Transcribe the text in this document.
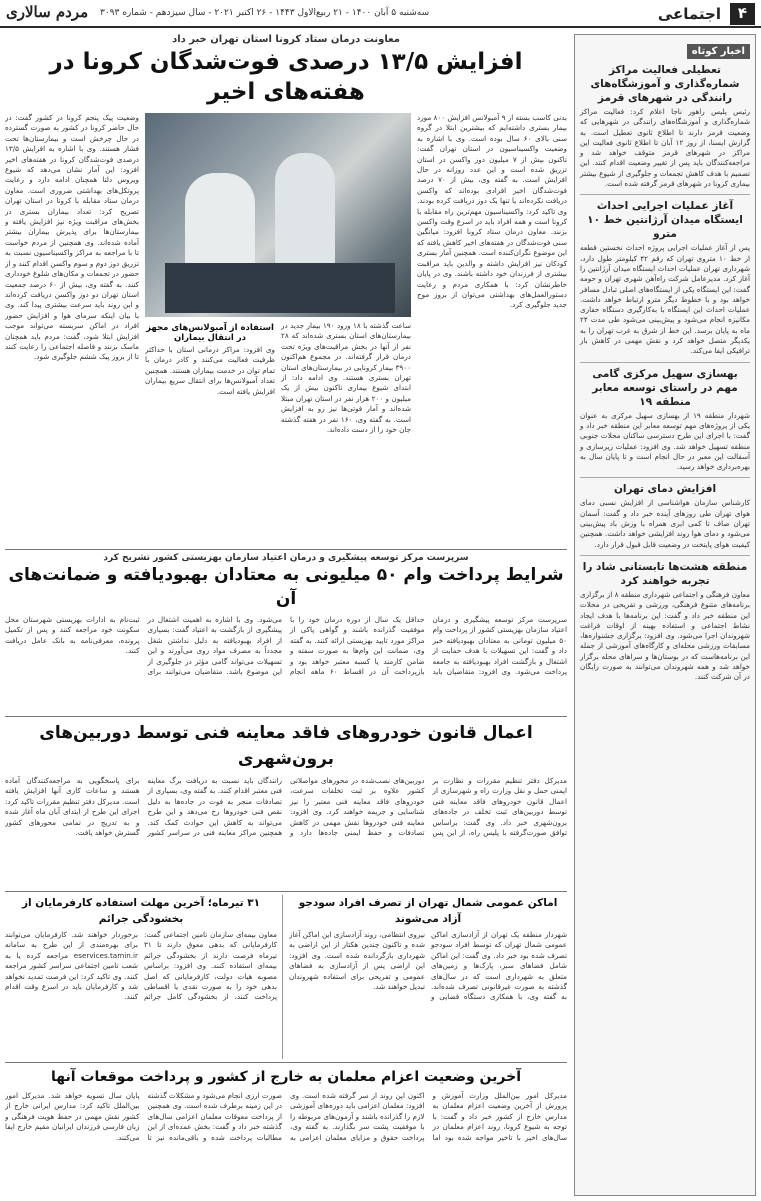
۴
اجتماعی
سه‌شنبه ۵ آبان ۱۴۰۰ - ۲۱ ربیع‌الاول ۱۴۴۳ - ۲۶ اکتبر ۲۰۲۱ - سال سیزدهم - شماره ۳۰۹۳
مردم سالاری
اخبار کوتاه
تعطیلی فعالیت مراکز شماره‌گذاری و آموزشگاه‌های رانندگی در شهرهای قرمز
رئیس پلیس راهور ناجا اعلام کرد: فعالیت مراکز شماره‌گذاری و آموزشگاه‌های رانندگی در شهرهایی که وضعیت قرمز دارند تا اطلاع ثانوی تعطیل است. به گزارش ایسنا، از روز ۱۲ آبان تا اطلاع ثانوی فعالیت این مراکز در شهرهای قرمز متوقف خواهد شد و مراجعه‌کنندگان باید پس از تغییر وضعیت اقدام کنند. این تصمیم با هدف کاهش تجمعات و جلوگیری از شیوع بیشتر بیماری کرونا در شهرهای قرمز گرفته شده است.
آغاز عملیات اجرایی احداث ایستگاه میدان آرژانتین خط ۱۰ مترو
پس از آغاز عملیات اجرایی پروژه احداث نخستین قطعه از خط ۱۰ متروی تهران که رقم ۴۲ کیلومتر طول دارد، شهرداری تهران عملیات احداث ایستگاه میدان آرژانتین را آغاز کرد. مدیرعامل شرکت راه‌آهن شهری تهران و حومه گفت: این ایستگاه یکی از ایستگاه‌های اصلی تبادل مسافر خواهد بود و با خطوط دیگر مترو ارتباط خواهد داشت. عملیات احداث این ایستگاه با به‌کارگیری دستگاه حفاری مکانیزه انجام می‌شود و پیش‌بینی می‌شود طی مدت ۲۴ ماه به پایان برسد. این خط از شرق به غرب تهران را به یکدیگر متصل خواهد کرد و نقش مهمی در کاهش بار ترافیکی ایفا می‌کند.
بهسازی سهیل مرکزی گامی مهم در راستای توسعه معابر منطقه ۱۹
شهردار منطقه ۱۹ از بهسازی سهیل مرکزی به عنوان یکی از پروژه‌های مهم توسعه معابر این منطقه خبر داد و گفت: با اجرای این طرح دسترسی ساکنان محلات جنوبی منطقه تسهیل خواهد شد. وی افزود: عملیات زیرسازی و آسفالت این معبر در حال انجام است و تا پایان سال به بهره‌برداری خواهد رسید.
افزایش دمای تهران
کارشناس سازمان هواشناسی از افزایش نسبی دمای هوای تهران طی روزهای آینده خبر داد و گفت: آسمان تهران صاف تا کمی ابری همراه با وزش باد پیش‌بینی می‌شود و دمای هوا روند افزایشی خواهد داشت. همچنین کیفیت هوای پایتخت در وضعیت قابل قبول قرار دارد.
منطقه هشت‌ها تابستانی شاد را تجربه خواهند کرد
معاون فرهنگی و اجتماعی شهرداری منطقه ۸ از برگزاری برنامه‌های متنوع فرهنگی، ورزشی و تفریحی در محلات این منطقه خبر داد و گفت: این برنامه‌ها با هدف ایجاد نشاط اجتماعی و استفاده بهینه از اوقات فراغت شهروندان اجرا می‌شود. وی افزود: برگزاری جشنواره‌ها، مسابقات ورزشی محله‌ای و کارگاه‌های آموزشی از جمله این برنامه‌هاست که در بوستان‌ها و سراهای محله برگزار خواهد شد و همه شهروندان می‌توانند به صورت رایگان در آن شرکت کنند.
معاونت درمان ستاد کرونا استان تهران خبر داد
افزایش ۱۳/۵ درصدی فوت‌شدگان کرونا در هفته‌های اخیر
بدنی کاسب بسته از ۹ آمبولانس افزایش ۸۰۰ مورد بیمار بستری داشته‌ایم که بیشترین ابتلا در گروه سنی بالای ۶۰ سال بوده است. وی با اشاره به وضعیت واکسیناسیون در استان تهران گفت: تاکنون بیش از ۷ میلیون دوز واکسن در استان تزریق شده است و این عدد روزانه در حال افزایش است. به گفته وی، بیش از ۷۰ درصد فوت‌شدگان اخیر افرادی بوده‌اند که واکسن دریافت نکرده‌اند یا تنها یک دوز دریافت کرده بودند. وی تاکید کرد: واکسیناسیون مهم‌ترین راه مقابله با کرونا است و همه افراد باید در اسرع وقت واکسن بزنند. معاون درمان ستاد کرونا افزود: میانگین سنی فوت‌شدگان در هفته‌های اخیر کاهش یافته که این موضوع نگران‌کننده است. همچنین آمار بستری کودکان نیز افزایش داشته و والدین باید مراقبت بیشتری از فرزندان خود داشته باشند. وی در پایان خاطرنشان کرد: با همکاری مردم و رعایت دستورالعمل‌های بهداشتی می‌توان از بروز موج جدید جلوگیری کرد.
ساعت گذشته با ۱۸ ورود ۱۹۰ بیمار جدید در بیمارستان‌های استان بستری شده‌اند که ۲۸ نفر از آنها در بخش مراقبت‌های ویژه تحت درمان قرار گرفته‌اند. در مجموع هم‌اکنون ۳۹۰۰ بیمار کرونایی در بیمارستان‌های استان تهران بستری هستند. وی ادامه داد: از ابتدای شیوع بیماری تاکنون بیش از یک میلیون و ۲۰۰ هزار نفر در استان تهران مبتلا شده‌اند و آمار فوتی‌ها نیز رو به افزایش است. به گفته وی، ۱۶۰ نفر در هفته گذشته جان خود را از دست داده‌اند.
استفاده از آمبولانس‌های مجهز در انتقال بیماران
وی افزود: مراکز درمانی استان با حداکثر ظرفیت فعالیت می‌کنند و کادر درمان با تمام توان در خدمت بیماران هستند. همچنین تعداد آمبولانس‌ها برای انتقال سریع بیماران افزایش یافته است.
وضعیت پیک پنجم کرونا در کشور گفت: در حال حاضر کرونا در کشور به صورت گسترده در حال چرخش است و بیمارستان‌ها تحت فشار هستند. وی با اشاره به افزایش ۱۳/۵ درصدی فوت‌شدگان کرونا در هفته‌های اخیر افزود: این آمار نشان می‌دهد که شیوع ویروس دلتا همچنان ادامه دارد و رعایت پروتکل‌های بهداشتی ضروری است. معاون درمان ستاد مقابله با کرونا در استان تهران تصریح کرد: تعداد بیماران بستری در بخش‌های مراقبت ویژه نیز افزایش یافته و بیمارستان‌ها برای پذیرش بیماران بیشتر آماده شده‌اند. وی همچنین از مردم خواست تا با مراجعه به مراکز واکسیناسیون نسبت به تزریق دوز دوم و سوم واکسن اقدام کنند و از حضور در تجمعات و مکان‌های شلوغ خودداری کنند. به گفته وی، بیش از ۶۰ درصد جمعیت استان تهران دو دوز واکسن دریافت کرده‌اند و این روند باید سرعت بیشتری پیدا کند. وی با بیان اینکه سرمای هوا و افزایش حضور افراد در اماکن سربسته می‌تواند موجب افزایش ابتلا شود، گفت: مردم باید همچنان ماسک بزنند و فاصله اجتماعی را رعایت کنند تا از بروز پیک ششم جلوگیری شود.
سرپرست مرکز توسعه پیشگیری و درمان اعتیاد سازمان بهزیستی کشور تشریح کرد
شرایط پرداخت وام ۵۰ میلیونی به معتادان بهبودیافته و ضمانت‌های آن
سرپرست مرکز توسعه پیشگیری و درمان اعتیاد سازمان بهزیستی کشور از پرداخت وام ۵۰ میلیون تومانی به معتادان بهبودیافته خبر داد و گفت: این تسهیلات با هدف حمایت از اشتغال و بازگشت افراد بهبودیافته به جامعه پرداخت می‌شود. وی افزود: متقاضیان باید حداقل یک سال از دوره درمان خود را با موفقیت گذرانده باشند و گواهی پاکی از مراکز مورد تایید بهزیستی ارائه کنند. به گفته وی، ضمانت این وام‌ها به صورت سفته و ضامن کارمند یا کسبه معتبر خواهد بود و بازپرداخت آن در اقساط ۶۰ ماهه انجام می‌شود. وی با اشاره به اهمیت اشتغال در پیشگیری از بازگشت به اعتیاد گفت: بسیاری از افراد بهبودیافته به دلیل نداشتن شغل مجدداً به مصرف مواد روی می‌آورند و این تسهیلات می‌تواند گامی مؤثر در جلوگیری از این موضوع باشد. متقاضیان می‌توانند برای ثبت‌نام به ادارات بهزیستی شهرستان محل سکونت خود مراجعه کنند و پس از تکمیل پرونده، معرفی‌نامه به بانک عامل دریافت کنند.
اعمال قانون خودروهای فاقد معاینه فنی توسط دوربین‌های برون‌شهری
مدیرکل دفتر تنظیم مقررات و نظارت بر ایمنی حمل و نقل وزارت راه و شهرسازی از اعمال قانون خودروهای فاقد معاینه فنی توسط دوربین‌های ثبت تخلف در جاده‌های برون‌شهری خبر داد. وی گفت: براساس توافق صورت‌گرفته با پلیس راه، از این پس دوربین‌های نصب‌شده در محورهای مواصلاتی کشور علاوه بر ثبت تخلفات سرعت، خودروهای فاقد معاینه فنی معتبر را نیز شناسایی و جریمه خواهند کرد. وی افزود: معاینه فنی خودروها نقش مهمی در کاهش تصادفات و حفظ ایمنی جاده‌ها دارد و رانندگان باید نسبت به دریافت برگ معاینه فنی معتبر اقدام کنند. به گفته وی، بسیاری از تصادفات منجر به فوت در جاده‌ها به دلیل نقص فنی خودروها رخ می‌دهد و این طرح می‌تواند به کاهش این حوادث کمک کند. همچنین مراکز معاینه فنی در سراسر کشور برای پاسخگویی به مراجعه‌کنندگان آماده هستند و ساعات کاری آنها افزایش یافته است. مدیرکل دفتر تنظیم مقررات تاکید کرد: اجرای این طرح از ابتدای آبان ماه آغاز شده و به تدریج در تمامی محورهای کشور گسترش خواهد یافت.
اماکن عمومی شمال تهران از تصرف افراد سودجو آزاد می‌شوند
شهردار منطقه یک تهران از آزادسازی اماکن عمومی شمال تهران که توسط افراد سودجو تصرف شده بود خبر داد. وی گفت: این اماکن شامل فضاهای سبز، پارک‌ها و زمین‌های متعلق به شهرداری است که در سال‌های گذشته به صورت غیرقانونی تصرف شده‌اند. به گفته وی، با همکاری دستگاه قضایی و نیروی انتظامی، روند آزادسازی این اماکن آغاز شده و تاکنون چندین هکتار از این اراضی به شهرداری بازگردانده شده است. وی افزود: این اراضی پس از آزادسازی به فضاهای عمومی و تفریحی برای استفاده شهروندان تبدیل خواهند شد.
۳۱ تیرماه؛ آخرین مهلت استفاده کارفرمایان از بخشودگی جرائم
معاون بیمه‌ای سازمان تامین اجتماعی گفت: کارفرمایانی که بدهی معوق دارند تا ۳۱ تیرماه فرصت دارند از بخشودگی جرائم بیمه‌ای استفاده کنند. وی افزود: براساس مصوبه هیات دولت، کارفرمایانی که اصل بدهی خود را به صورت نقدی یا اقساطی پرداخت کنند، از بخشودگی کامل جرائم برخوردار خواهند شد. کارفرمایان می‌توانند برای بهره‌مندی از این طرح به سامانه eservices.tamin.ir مراجعه کرده یا به شعب تامین اجتماعی سراسر کشور مراجعه کنند. وی تاکید کرد: این فرصت تمدید نخواهد شد و کارفرمایان باید در اسرع وقت اقدام کنند.
آخرین وضعیت اعزام معلمان به خارج از کشور و پرداخت موقعات آنها
مدیرکل امور بین‌الملل وزارت آموزش و پرورش از آخرین وضعیت اعزام معلمان به مدارس خارج از کشور خبر داد و گفت: با توجه به شیوع کرونا، روند اعزام معلمان در سال‌های اخیر با تاخیر مواجه شده بود اما اکنون این روند از سر گرفته شده است. وی افزود: معلمان اعزامی باید دوره‌های آموزشی لازم را گذرانده باشند و آزمون‌های مربوطه را با موفقیت پشت سر بگذارند. به گفته وی، پرداخت حقوق و مزایای معلمان اعزامی به صورت ارزی انجام می‌شود و مشکلات گذشته در این زمینه برطرف شده است. وی همچنین از پرداخت معوقات معلمان اعزامی سال‌های گذشته خبر داد و گفت: بخش عمده‌ای از این مطالبات پرداخت شده و باقی‌مانده نیز تا پایان سال تسویه خواهد شد. مدیرکل امور بین‌الملل تاکید کرد: مدارس ایرانی خارج از کشور نقش مهمی در حفظ هویت فرهنگی و زبان فارسی فرزندان ایرانیان مقیم خارج ایفا می‌کنند.
